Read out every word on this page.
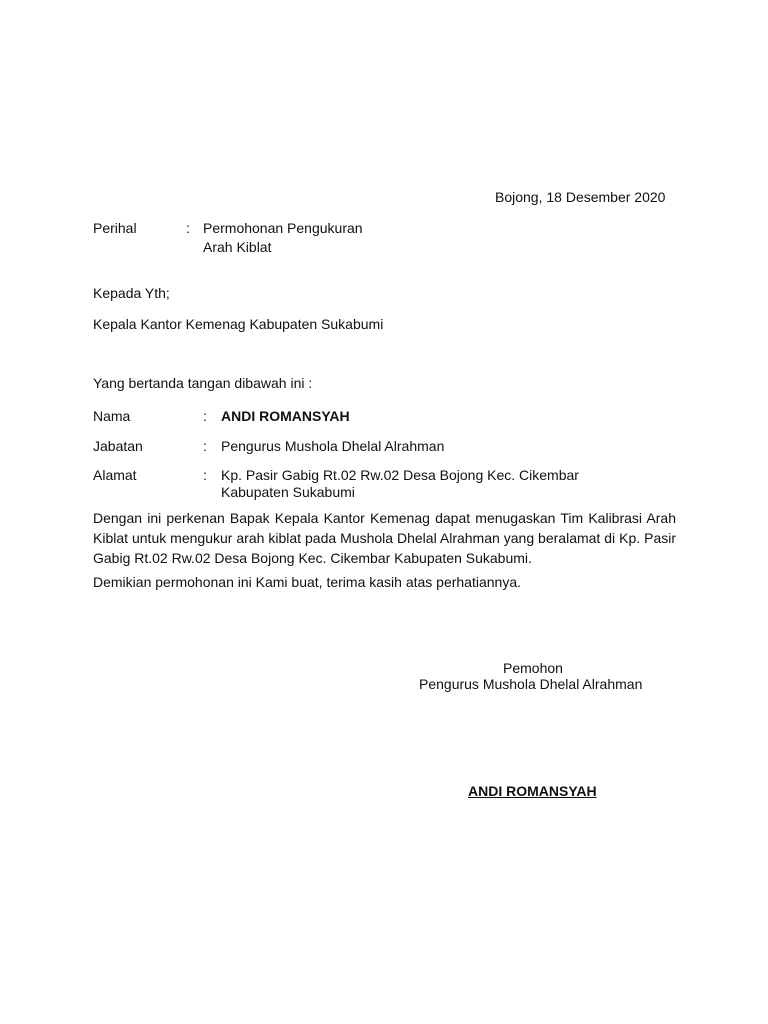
Bojong, 18 Desember 2020
Perihal	: Permohonan Pengukuran
Arah Kiblat
Kepada Yth;
Kepala Kantor Kemenag Kabupaten Sukabumi
Yang bertanda tangan dibawah ini :
Nama	: ANDI ROMANSYAH
Jabatan	: Pengurus Mushola Dhelal Alrahman
Alamat	: Kp. Pasir Gabig Rt.02 Rw.02 Desa Bojong Kec. Cikembar
Kabupaten Sukabumi
Dengan ini perkenan Bapak Kepala Kantor Kemenag dapat menugaskan Tim Kalibrasi Arah Kiblat untuk mengukur arah kiblat pada Mushola Dhelal Alrahman yang beralamat di Kp. Pasir Gabig Rt.02 Rw.02 Desa Bojong Kec. Cikembar Kabupaten Sukabumi.
Demikian permohonan ini Kami buat, terima kasih atas perhatiannya.
Pemohon
Pengurus Mushola Dhelal Alrahman
ANDI ROMANSYAH
